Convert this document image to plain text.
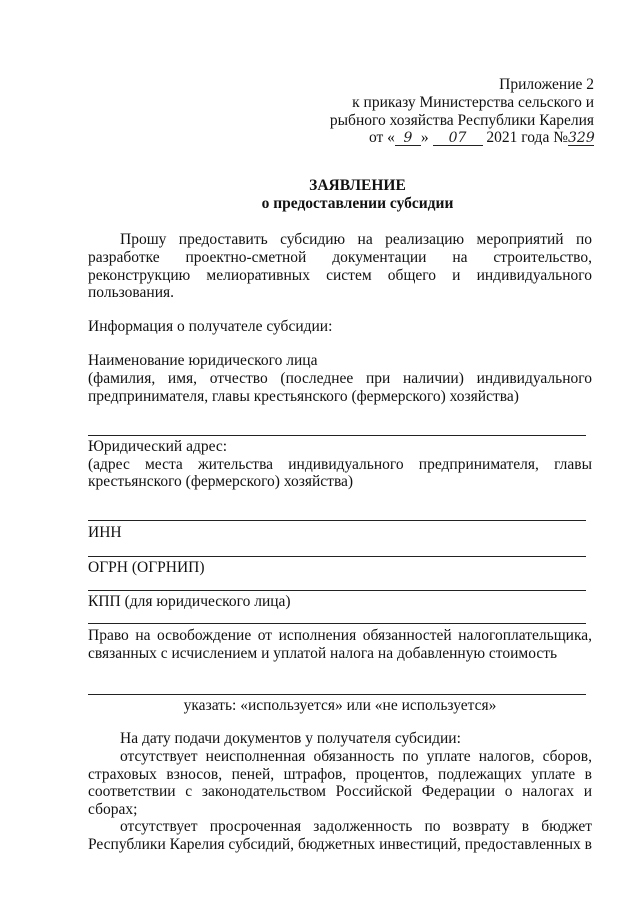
Приложение 2
к приказу Министерства сельского и
рыбного хозяйства Республики Карелия
от « 9 » 07 2021 года №329
ЗАЯВЛЕНИЕ
о предоставлении субсидии
Прошу предоставить субсидию на реализацию мероприятий по
разработке проектно-сметной документации на строительство,
реконструкцию мелиоративных систем общего и индивидуального
пользования.
Информация о получателе субсидии:
Наименование юридического лица
(фамилия, имя, отчество (последнее при наличии) индивидуального
предпринимателя, главы крестьянского (фермерского) хозяйства)
Юридический адрес:
(адрес места жительства индивидуального предпринимателя, главы
крестьянского (фермерского) хозяйства)
ИНН
ОГРН (ОГРНИП)
КПП (для юридического лица)
Право на освобождение от исполнения обязанностей налогоплательщика,
связанных с исчислением и уплатой налога на добавленную стоимость
указать: «используется» или «не используется»
На дату подачи документов у получателя субсидии:
отсутствует неисполненная обязанность по уплате налогов, сборов,
страховых взносов, пеней, штрафов, процентов, подлежащих уплате в
соответствии с законодательством Российской Федерации о налогах и
сборах;
отсутствует просроченная задолженность по возврату в бюджет
Республики Карелия субсидий, бюджетных инвестиций, предоставленных в
